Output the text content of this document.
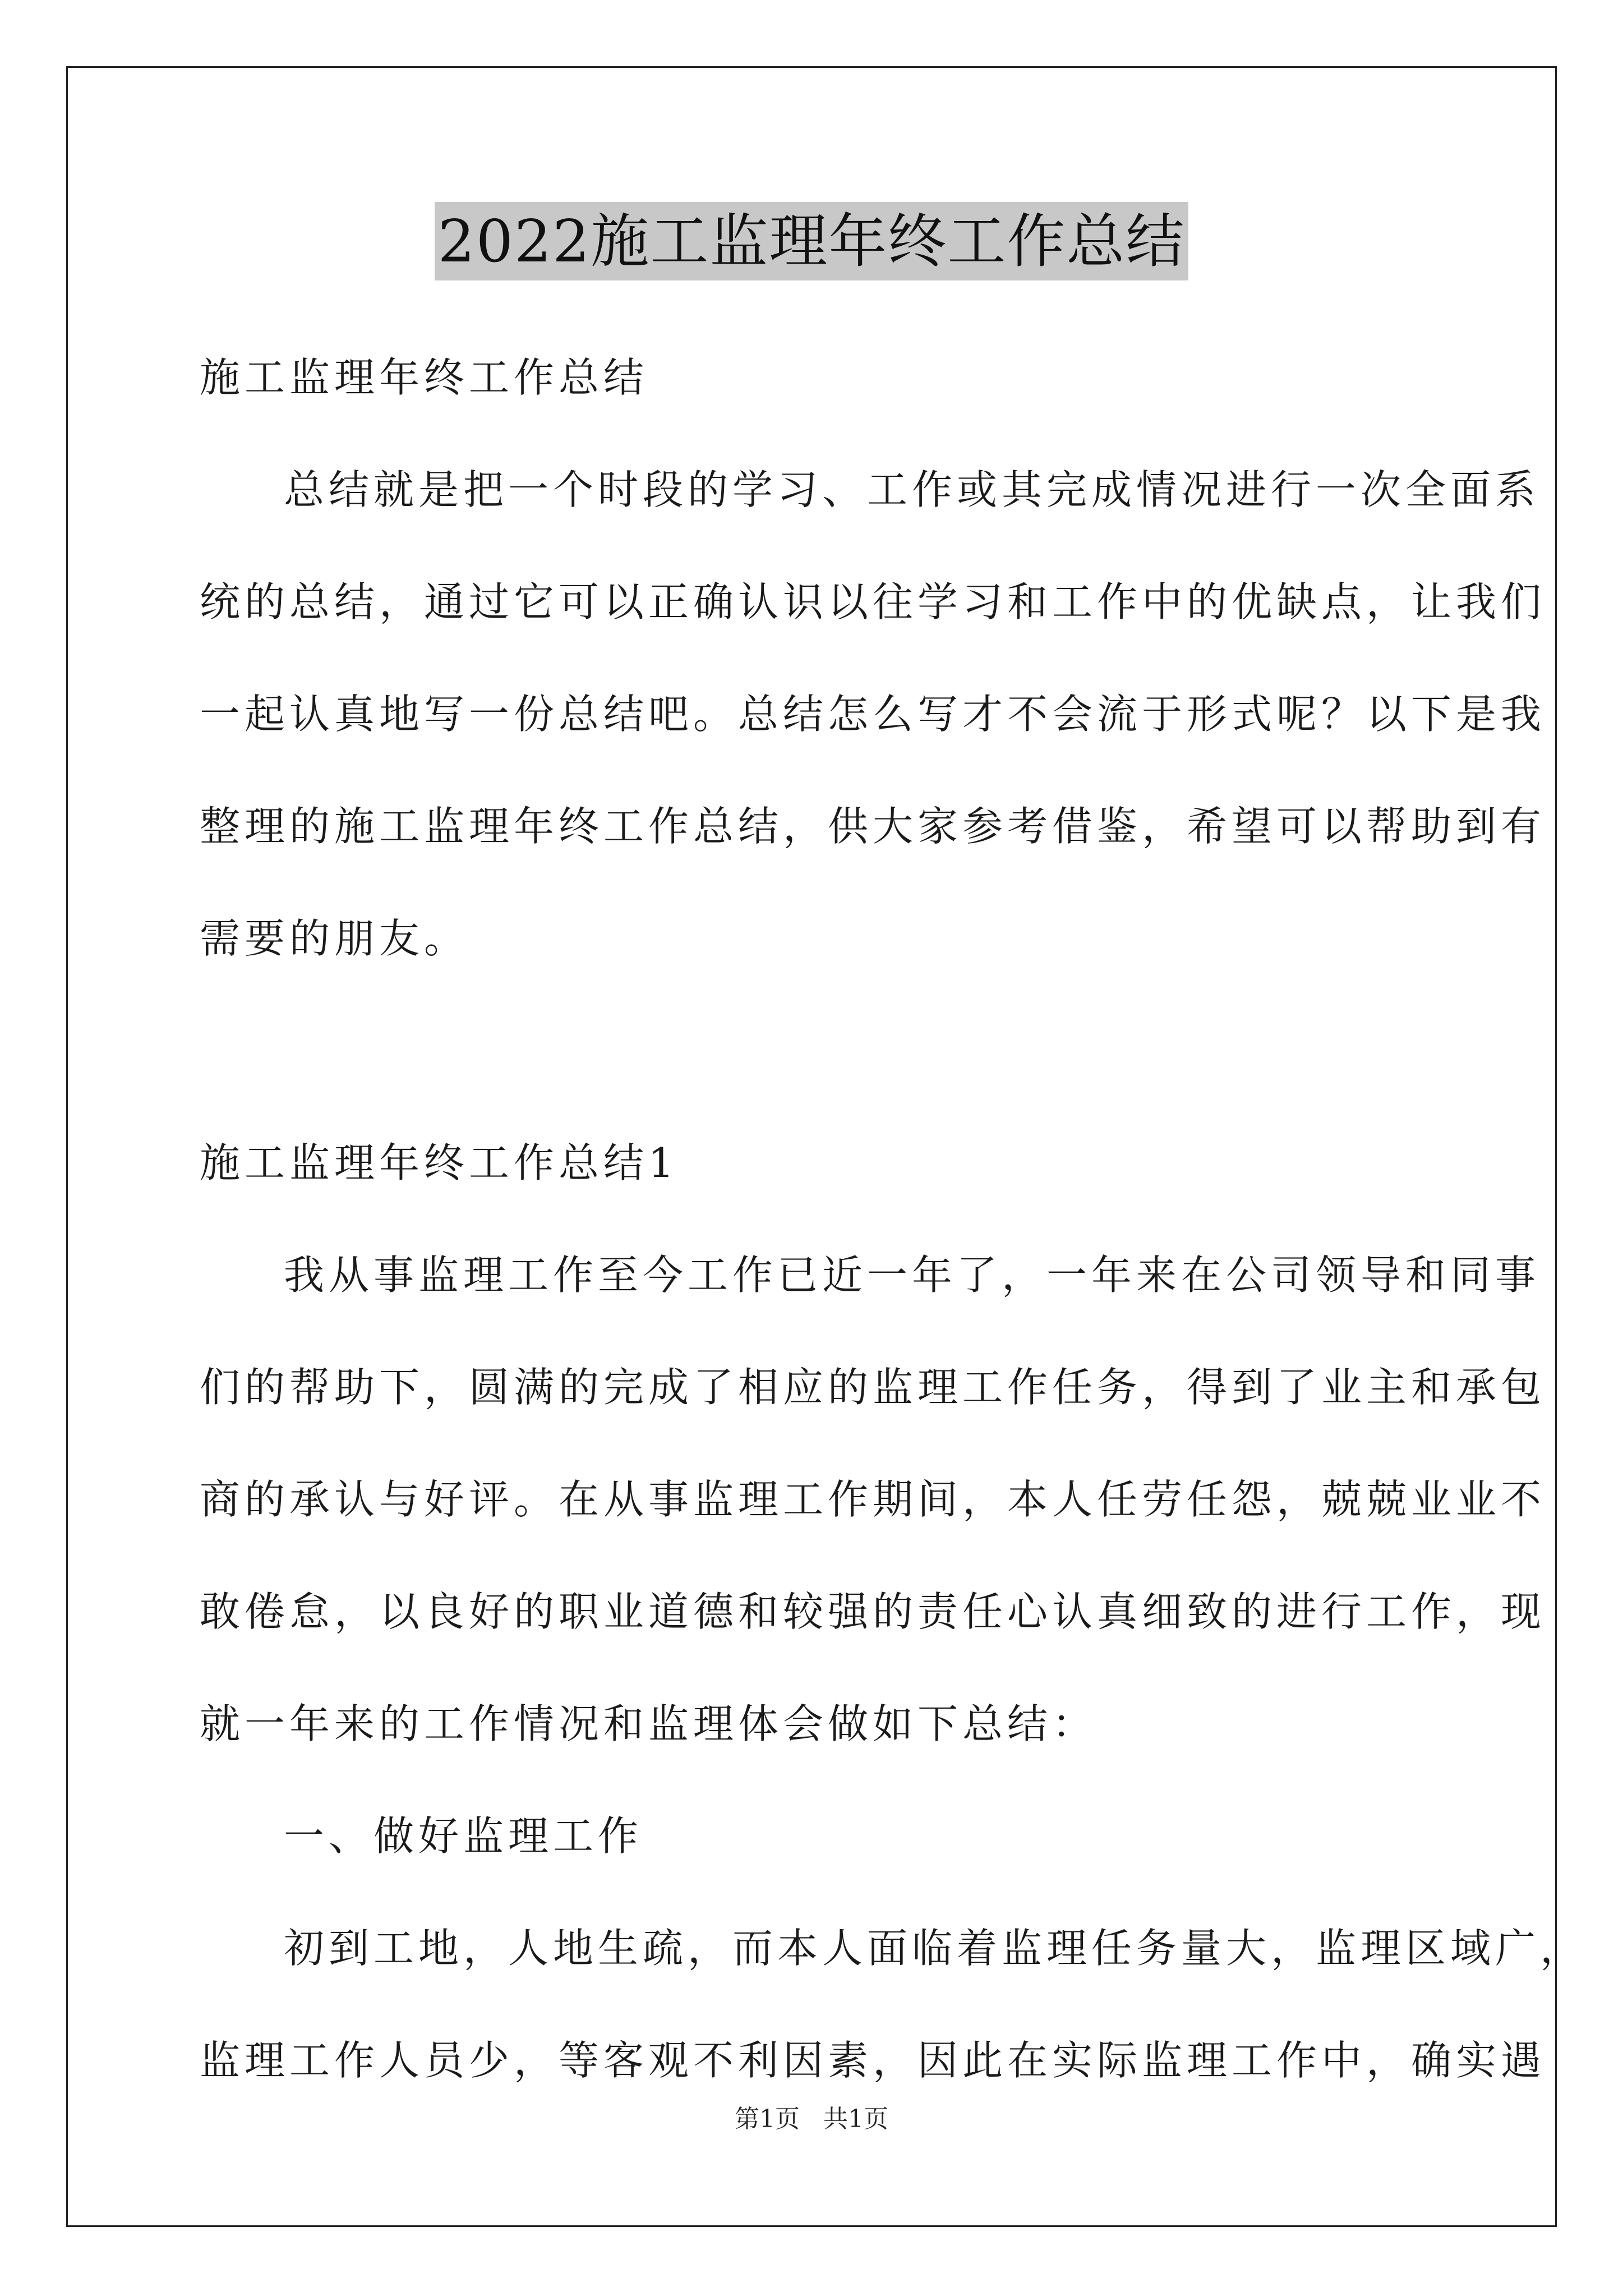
2022施工监理年终工作总结
施工监理年终工作总结
总结就是把一个时段的学习、工作或其完成情况进行一次全面系
统的总结，通过它可以正确认识以往学习和工作中的优缺点，让我们
一起认真地写一份总结吧。总结怎么写才不会流于形式呢？以下是我
整理的施工监理年终工作总结，供大家参考借鉴，希望可以帮助到有
需要的朋友。
施工监理年终工作总结1
我从事监理工作至今工作已近一年了，一年来在公司领导和同事
们的帮助下，圆满的完成了相应的监理工作任务，得到了业主和承包
商的承认与好评。在从事监理工作期间，本人任劳任怨，兢兢业业不
敢倦怠，以良好的职业道德和较强的责任心认真细致的进行工作，现
就一年来的工作情况和监理体会做如下总结：
一、做好监理工作
初到工地，人地生疏，而本人面临着监理任务量大，监理区域广，
监理工作人员少，等客观不利因素，因此在实际监理工作中，确实遇
第1页 共1页
